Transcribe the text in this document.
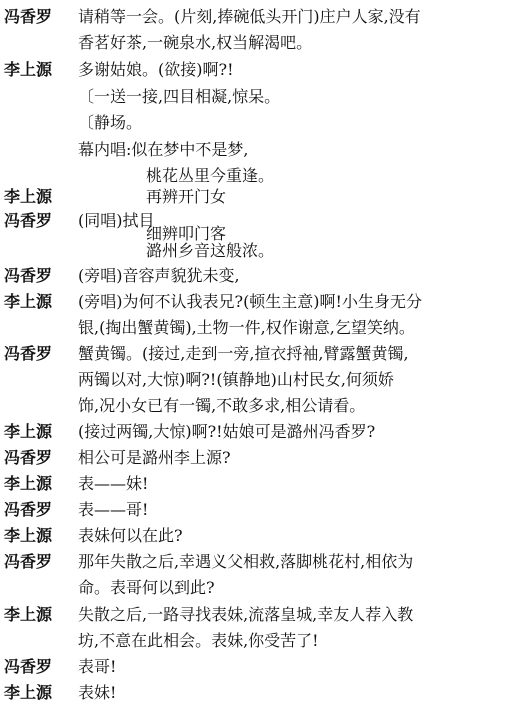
冯香罗 请稍等一会。(片刻,捧碗低头开门)庄户人家,没有
香茗好茶,一碗泉水,权当解渴吧。
李上源 多谢姑娘。(欲接)啊?!
〔一送一接,四目相凝,惊呆。
〔静场。
幕内唱:似在梦中不是梦,
桃花丛里今重逢。
李上源	再辨开门女
冯香罗 (同唱)拭目
细辨叩门客
潞州乡音这般浓。
冯香罗 (旁唱)音容声貌犹未变,
李上源 (旁唱)为何不认我表兄?(顿生主意)啊!小生身无分
银,(掏出蟹黄镯),土物一件,权作谢意,乞望笑纳。
冯香罗 蟹黄镯。(接过,走到一旁,揎衣捋袖,臂露蟹黄镯,
两镯以对,大惊)啊?!(镇静地)山村民女,何须娇
饰,况小女已有一镯,不敢多求,相公请看。
李上源 (接过两镯,大惊)啊?!姑娘可是潞州冯香罗?
冯香罗 相公可是潞州李上源?
李上源 表——妹!
冯香罗 表——哥!
李上源 表妹何以在此?
冯香罗 那年失散之后,幸遇义父相救,落脚桃花村,相依为
命。表哥何以到此?
李上源 失散之后,一路寻找表妹,流落皇城,幸友人荐入教
坊,不意在此相会。表妹,你受苦了!
冯香罗 表哥!
李上源 表妹!
